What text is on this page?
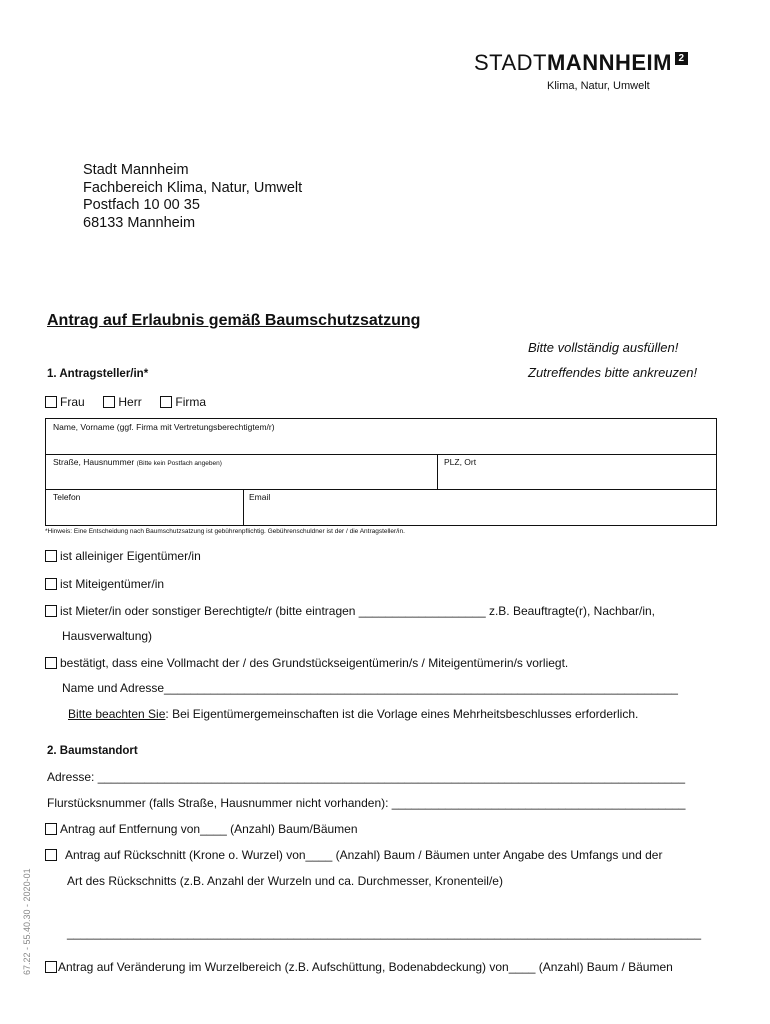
STADTMANNHEIM 2
Klima, Natur, Umwelt
Stadt Mannheim
Fachbereich Klima, Natur, Umwelt
Postfach 10 00 35
68133 Mannheim
Antrag auf Erlaubnis gemäß Baumschutzsatzung
Bitte vollständig ausfüllen!
Zutreffendes bitte ankreuzen!
1. Antragsteller/in*
Frau	Herr	Firma
Name, Vorname (ggf. Firma mit Vertretungsberechtigtem/r)
Straße, Hausnummer (Bitte kein Postfach angeben)	PLZ, Ort
Telefon	Email
*Hinweis: Eine Entscheidung nach Baumschutzsatzung ist gebührenpflichtig. Gebührenschuldner ist der / die Antragsteller/in.
ist alleiniger Eigentümer/in
ist Miteigentümer/in
ist Mieter/in oder sonstiger Berechtigte/r (bitte eintragen ___________________ z.B. Beauftragte(r), Nachbar/in,
Hausverwaltung)
bestätigt, dass eine Vollmacht der / des Grundstückseigentümerin/s / Miteigentümerin/s vorliegt.
Name und Adresse_____________________________________________________________________________
Bitte beachten Sie: Bei Eigentümergemeinschaften ist die Vorlage eines Mehrheitsbeschlusses erforderlich.
2. Baumstandort
Adresse: ________________________________________________________________________________________
Flurstücksnummer (falls Straße, Hausnummer nicht vorhanden): ____________________________________________
Antrag auf Entfernung von____ (Anzahl) Baum/Bäumen
Antrag auf Rückschnitt (Krone o. Wurzel) von____ (Anzahl) Baum / Bäumen unter Angabe des Umfangs und der
Art des Rückschnitts (z.B. Anzahl der Wurzeln und ca. Durchmesser, Kronenteil/e)
_______________________________________________________________________________________________
Antrag auf Veränderung im Wurzelbereich (z.B. Aufschüttung, Bodenabdeckung) von____ (Anzahl) Baum / Bäumen
67.22 - 55.40.30 - 2020-01
